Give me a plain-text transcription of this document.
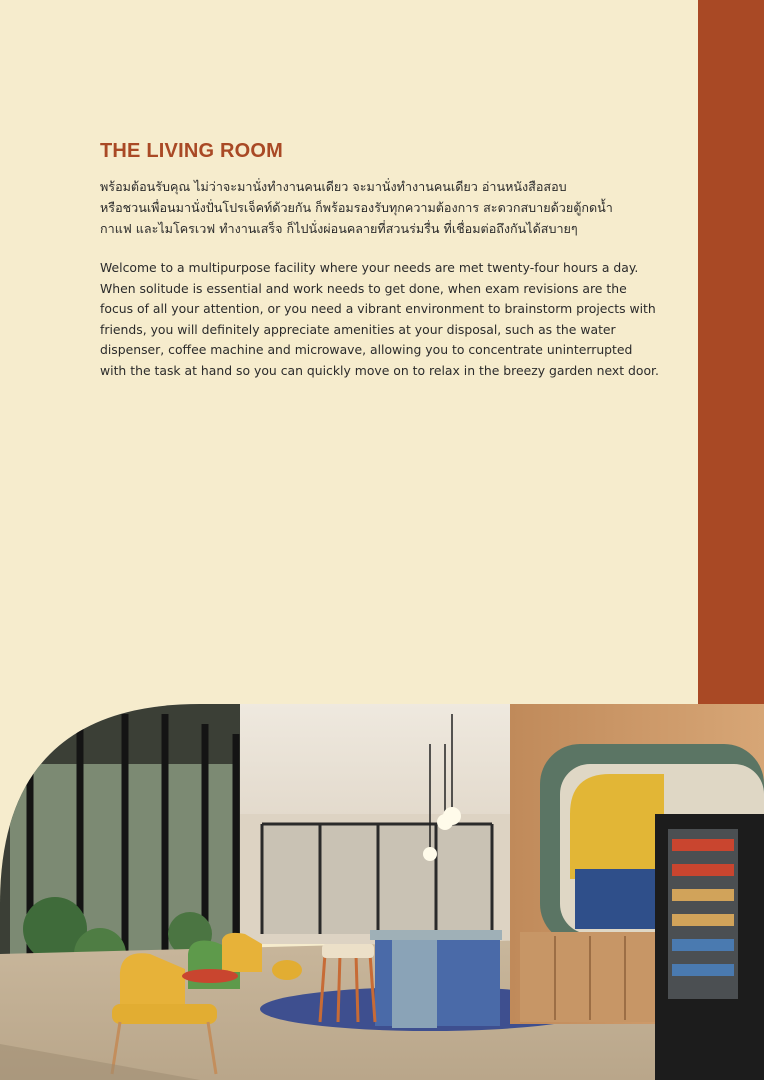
THE LIVING ROOM
พร้อมต้อนรับคุณ ไม่ว่าจะมานั่งทำงานคนเดียว จะมานั่งทำงานคนเดียว อ่านหนังสือสอบ
หรือชวนเพื่อนมานั่งปั่นโปรเจ็คท์ด้วยกัน ก็พร้อมรองรับทุกความต้องการ สะดวกสบายด้วยตู้กดน้ำ
กาแฟ และไมโครเวฟ ทำงานเสร็จ ก็ไปนั่งผ่อนคลายที่สวนร่มรื่น ที่เชื่อมต่อถึงกันได้สบายๆ

Welcome to a multipurpose facility where your needs are met twenty-four hours a day. When solitude is essential and work needs to get done, when exam revisions are the focus of all your attention, or you need a vibrant environment to brainstorm projects with friends, you will definitely appreciate amenities at your disposal, such as the water dispenser, coffee machine and microwave, allowing you to concentrate uninterrupted with the task at hand so you can quickly move on to relax in the breezy garden next door.
